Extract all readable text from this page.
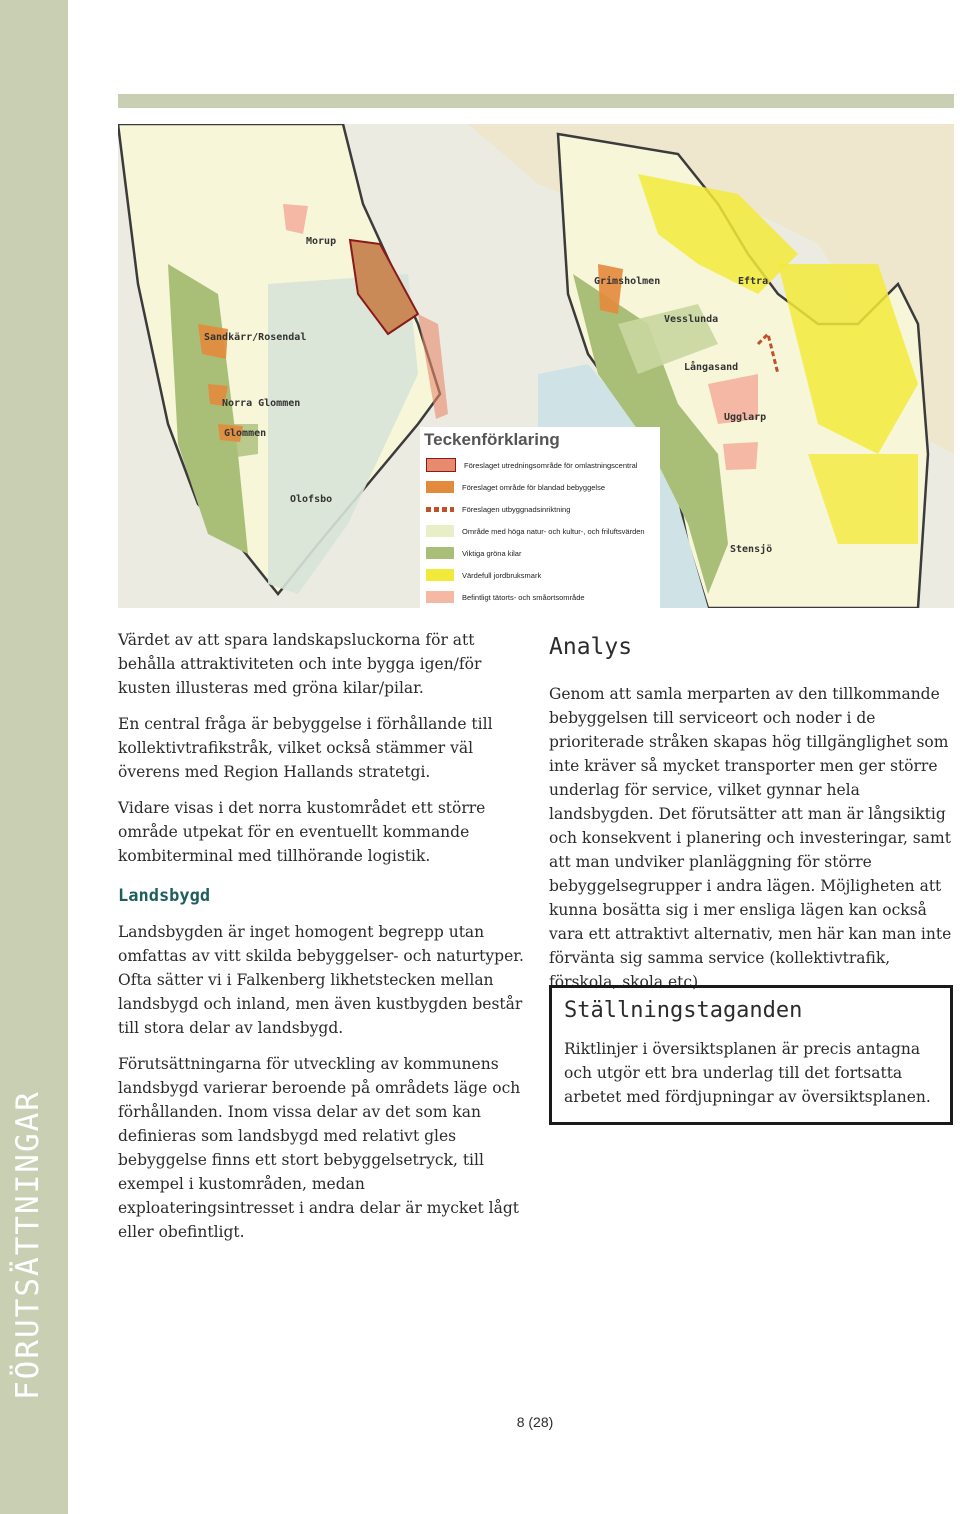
FÖRUTSÄTTNINGAR
Morup
Sandkärr/Rosendal
Norra Glommen
Glommen
Olofsbo
Grimsholmen	Eftra
Vesslunda
Långasand
Ugglarp
Stensjö
Teckenförklaring
Föreslaget utredningsområde för omlastningscentral
Föreslaget område för blandad bebyggelse
Föreslagen utbyggnadsinriktning
Område med höga natur- och kultur-, och friluftsvärden
Viktiga gröna kilar
Värdefull jordbruksmark
Befintligt tätorts- och småortsområde

Värdet av att spara landskapsluckorna för att behålla attraktiviteten och inte bygga igen/för kusten illusteras med gröna kilar/pilar.

En central fråga är bebyggelse i förhållande till kollektivtrafikstråk, vilket också stämmer väl överens med Region Hallands stratetgi.

Vidare visas i det norra kustområdet ett större område utpekat för en eventuellt kommande kombiterminal med tillhörande logistik.

Landsbygd

Landsbygden är inget homogent begrepp utan omfattas av vitt skilda bebyggelser- och naturtyper. Ofta sätter vi i Falkenberg likhetstecken mellan landsbygd och inland, men även kustbygden består till stora delar av landsbygd.

Förutsättningarna för utveckling av kommunens landsbygd varierar beroende på områdets läge och förhållanden. Inom vissa delar av det som kan definieras som landsbygd med relativt gles bebyggelse finns ett stort bebyggelsetryck, till exempel i kustområden, medan exploateringsintresset i andra delar är mycket lågt eller obefintligt.

Analys

Genom att samla merparten av den tillkommande bebyggelsen till serviceort och noder i de prioriterade stråken skapas hög tillgänglighet som inte kräver så mycket transporter men ger större underlag för service, vilket gynnar hela landsbygden. Det förutsätter att man är långsiktig och konsekvent i planering och investeringar, samt att man undviker planläggning för större bebyggelsegrupper i andra lägen. Möjligheten att kunna bosätta sig i mer ensliga lägen kan också vara ett attraktivt alternativ, men här kan man inte förvänta sig samma service (kollektivtrafik, förskola, skola etc).

Ställningstaganden

Riktlinjer i översiktsplanen är precis antagna och utgör ett bra underlag till det fortsatta arbetet med fördjupningar av översiktsplanen.

8 (28)
